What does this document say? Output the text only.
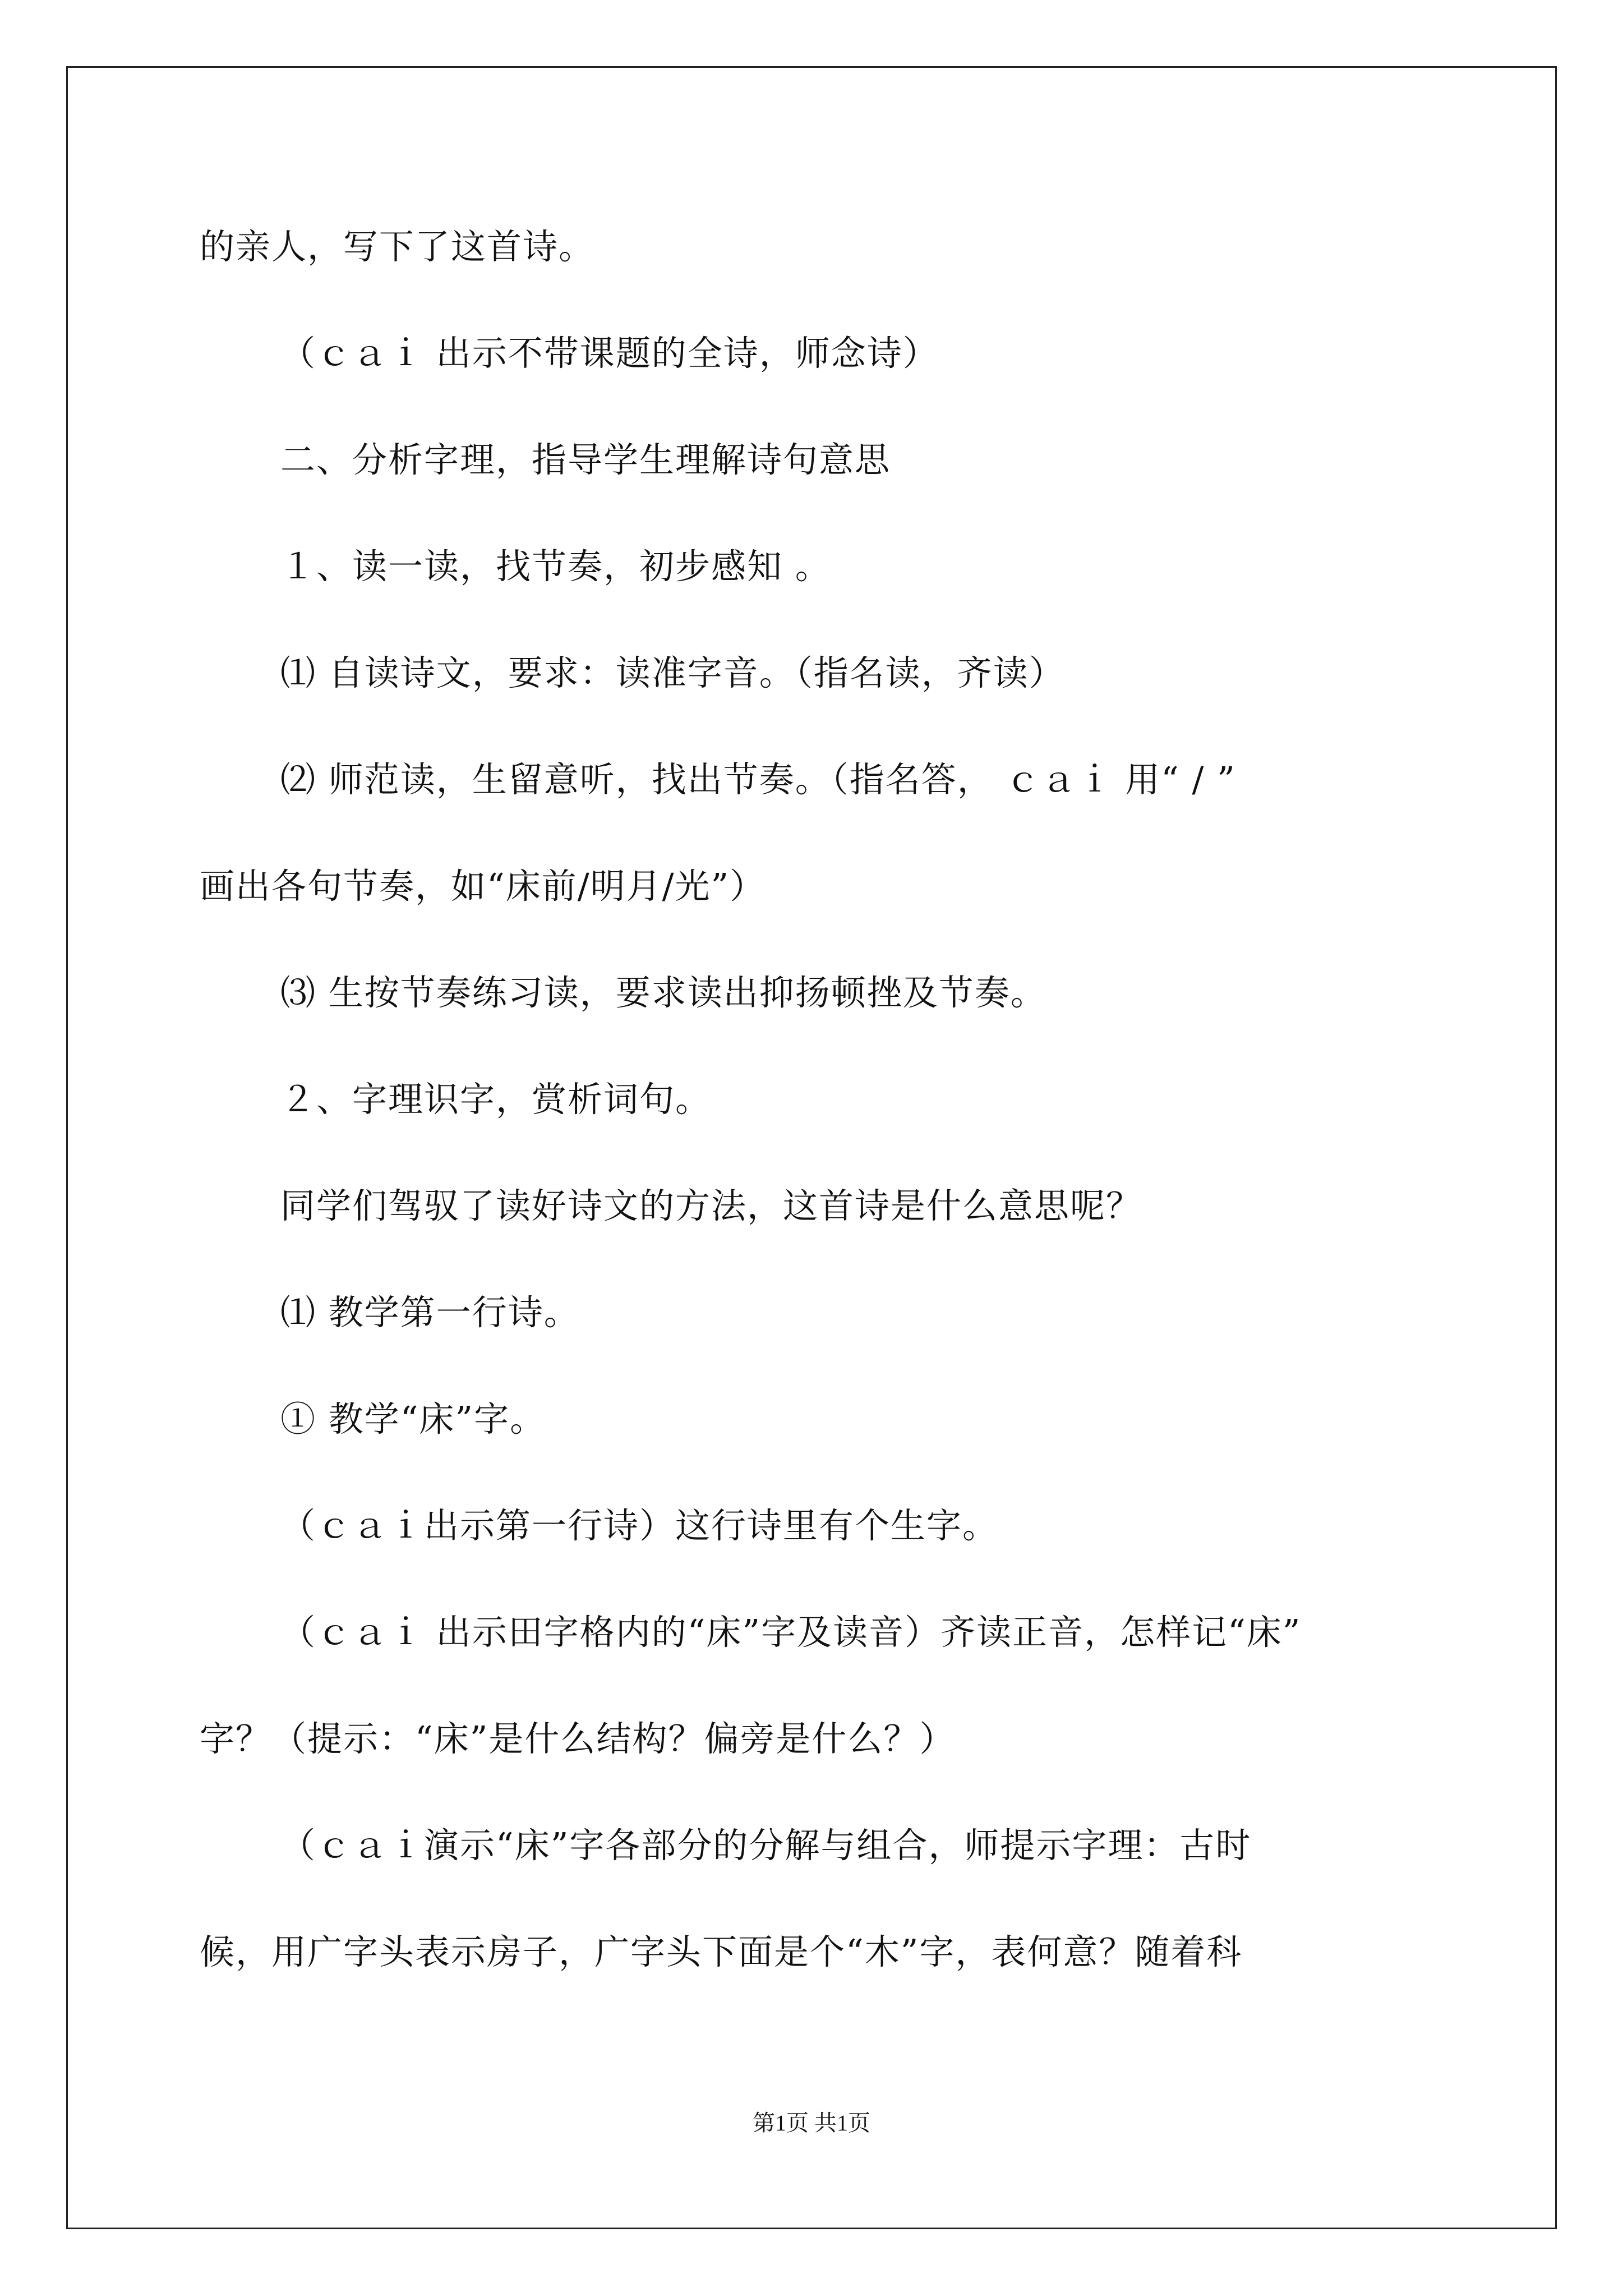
的亲人，写下了这首诗。
（ｃａｉ 出示不带课题的全诗，师念诗）
二、分析字理，指导学生理解诗句意思
１、读一读，找节奏，初步感知 。
⑴ 自读诗文，要求：读准字音。（指名读，齐读）
⑵ 师范读，生留意听，找出节奏。（指名答， ｃａｉ 用“ / ”
画出各句节奏，如“床前/明月/光”）
⑶ 生按节奏练习读，要求读出抑扬顿挫及节奏。
２、字理识字，赏析词句。
同学们驾驭了读好诗文的方法，这首诗是什么意思呢？
⑴ 教学第一行诗。
① 教学“床”字。
（ｃａｉ出示第一行诗）这行诗里有个生字。
（ｃａｉ 出示田字格内的“床”字及读音）齐读正音，怎样记“床”
字？（提示：“床”是什么结构？偏旁是什么？）
（ｃａｉ演示“床”字各部分的分解与组合，师提示字理：古时
候，用广字头表示房子，广字头下面是个“木”字，表何意？随着科
第1页 共1页
